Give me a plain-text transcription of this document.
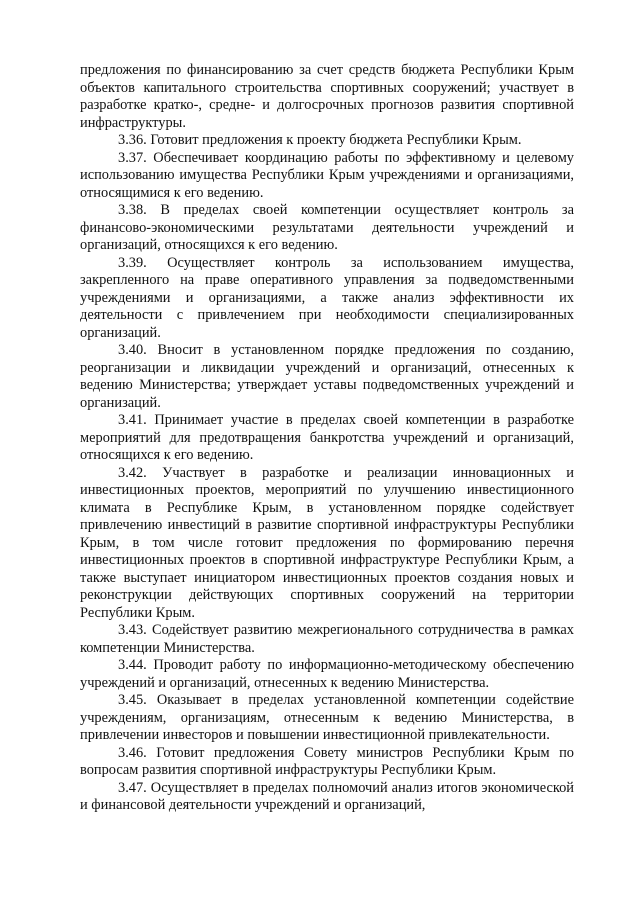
предложения по финансированию за счет средств бюджета Республики Крым объектов капитального строительства спортивных сооружений; участвует в разработке кратко-, средне- и долгосрочных прогнозов развития спортивной инфраструктуры.

3.36. Готовит предложения к проекту бюджета Республики Крым.

3.37. Обеспечивает координацию работы по эффективному и целевому использованию имущества Республики Крым учреждениями и организациями, относящимися к его ведению.

3.38. В пределах своей компетенции осуществляет контроль за финансово-экономическими результатами деятельности учреждений и организаций, относящихся к его ведению.

3.39. Осуществляет контроль за использованием имущества, закрепленного на праве оперативного управления за подведомственными учреждениями и организациями, а также анализ эффективности их деятельности с привлечением при необходимости специализированных организаций.

3.40. Вносит в установленном порядке предложения по созданию, реорганизации и ликвидации учреждений и организаций, отнесенных к ведению Министерства; утверждает уставы подведомственных учреждений и организаций.

3.41. Принимает участие в пределах своей компетенции в разработке мероприятий для предотвращения банкротства учреждений и организаций, относящихся к его ведению.

3.42. Участвует в разработке и реализации инновационных и инвестиционных проектов, мероприятий по улучшению инвестиционного климата в Республике Крым, в установленном порядке содействует привлечению инвестиций в развитие спортивной инфраструктуры Республики Крым, в том числе готовит предложения по формированию перечня инвестиционных проектов в спортивной инфраструктуре Республики Крым, а также выступает инициатором инвестиционных проектов создания новых и реконструкции действующих спортивных сооружений на территории Республики Крым.

3.43. Содействует развитию межрегионального сотрудничества в рамках компетенции Министерства.

3.44. Проводит работу по информационно-методическому обеспечению учреждений и организаций, отнесенных к ведению Министерства.

3.45. Оказывает в пределах установленной компетенции содействие учреждениям, организациям, отнесенным к ведению Министерства, в привлечении инвесторов и повышении инвестиционной привлекательности.

3.46. Готовит предложения Совету министров Республики Крым по вопросам развития спортивной инфраструктуры Республики Крым.

3.47. Осуществляет в пределах полномочий анализ итогов экономической и финансовой деятельности учреждений и организаций,
